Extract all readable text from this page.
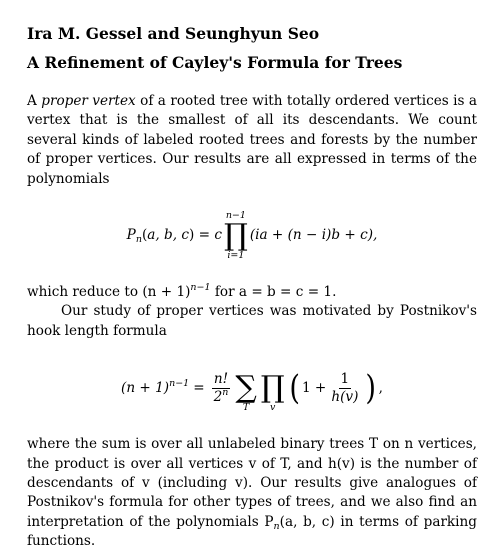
Ira M. Gessel and Seunghyun Seo
A Refinement of Cayley's Formula for Trees

A proper vertex of a rooted tree with totally ordered vertices is a vertex that is the smallest of all its descendants. We count several kinds of labeled rooted trees and forests by the number of proper vertices. Our results are all expressed in terms of the polynomials

$P_n(a$, b, c) = c
n−1
∏
i=1
(ia + (n − i)b + c),

which reduce to $(n + 1)^{n-1}$ for a = b = c = 1.

Our study of proper vertices was motivated by Postnikov's hook length formula

$(n + 1)^{n-1} = \frac{n!}{2^n}$
∑
T

∏
v ( $1 + \frac{1}{h(v)}$ ) ,

where the sum is over all unlabeled binary trees T on n vertices, the product is over all vertices v of T, and h(v) is the number of descendants of v (including v). Our results give analogues of Postnikov's formula for other types of trees, and we also find an interpretation of the polynomials $P_n(a$, b, c) in terms of parking functions.
